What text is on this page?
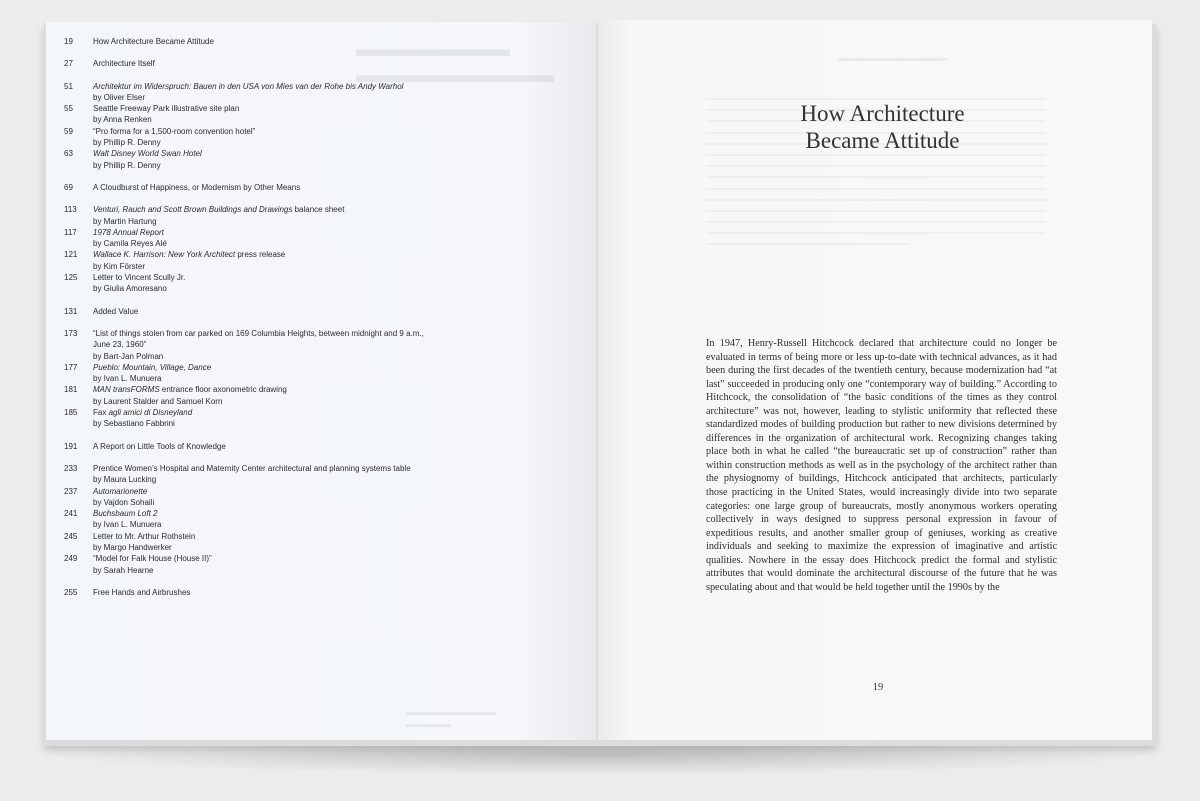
▬▬▬▬▬▬▬
▬▬▬▬▬▬▬▬▬
▬▬▬▬▬▬▬▬▬▬
▬▬▬▬▬
19	How Architecture Became Attitude
27	Architecture Itself
51	Architektur im Widerspruch: Bauen in den USA von Mies van der Rohe bis Andy Warhol
by Oliver Elser
55	Seattle Freeway Park illustrative site plan
by Anna Renken
59	“Pro forma for a 1,500-room convention hotel”
by Phillip R. Denny
63	Walt Disney World Swan Hotel
by Phillip R. Denny
69	A Cloudburst of Happiness, or Modernism by Other Means
113	Venturi, Rauch and Scott Brown Buildings and Drawings balance sheet
by Martin Hartung
117	1978 Annual Report
by Camila Reyes Alé
121	Wallace K. Harrison: New York Architect press release
by Kim Förster
125	Letter to Vincent Scully Jr.
by Giulia Amoresano
131	Added Value
173	“List of things stolen from car parked on 169 Columbia Heights, between midnight and 9 a.m.,
June 23, 1960”
by Bart-Jan Polman
177	Pueblo: Mountain, Village, Dance
by Ivan L. Munuera
181	MAN transFORMS entrance floor axonometric drawing
by Laurent Stalder and Samuel Korn
185	Fax agli amici di Disneyland
by Sebastiano Fabbrini
191	A Report on Little Tools of Knowledge
233	Prentice Women’s Hospital and Maternity Center architectural and planning systems table
by Maura Lucking
237	Automarionette
by Vajdon Sohaili
241	Buchsbaum Loft 2
by Ivan L. Munuera
245	Letter to Mr. Arthur Rothstein
by Margo Handwerker
249	“Model for Falk House (House II)”
by Sarah Hearne
255	Free Hands and Airbrushes
How Architecture
Became Attitude
In 1947, Henry-Russell Hitchcock declared that architecture could no longer be evaluated in terms of being more or less up-to-date with technical advances, as it had been during the first decades of the twentieth century, because modernization had “at last” succeeded in producing only one “contemporary way of building.” According to Hitchcock, the consolidation of “the basic conditions of the times as they control architecture” was not, however, leading to stylistic uniformity that reflected these standardized modes of building production but rather to new divisions determined by differences in the organization of architectural work. Recognizing changes taking place both in what he called “the bureaucratic set up of construction” rather than within construction methods as well as in the psychology of the architect rather than the physiognomy of buildings, Hitchcock anticipated that architects, particularly those practicing in the United States, would increasingly divide into two separate categories: one large group of bureaucrats, mostly anonymous workers operating collectively in ways designed to suppress personal expression in favour of expeditious results, and another smaller group of geniuses, working as creative individuals and seeking to maximize the expression of imaginative and artistic qualities. Nowhere in the essay does Hitchcock predict the formal and stylistic attributes that would dominate the architectural discourse of the future that he was speculating about and that would be held together until the 1990s by the
19
